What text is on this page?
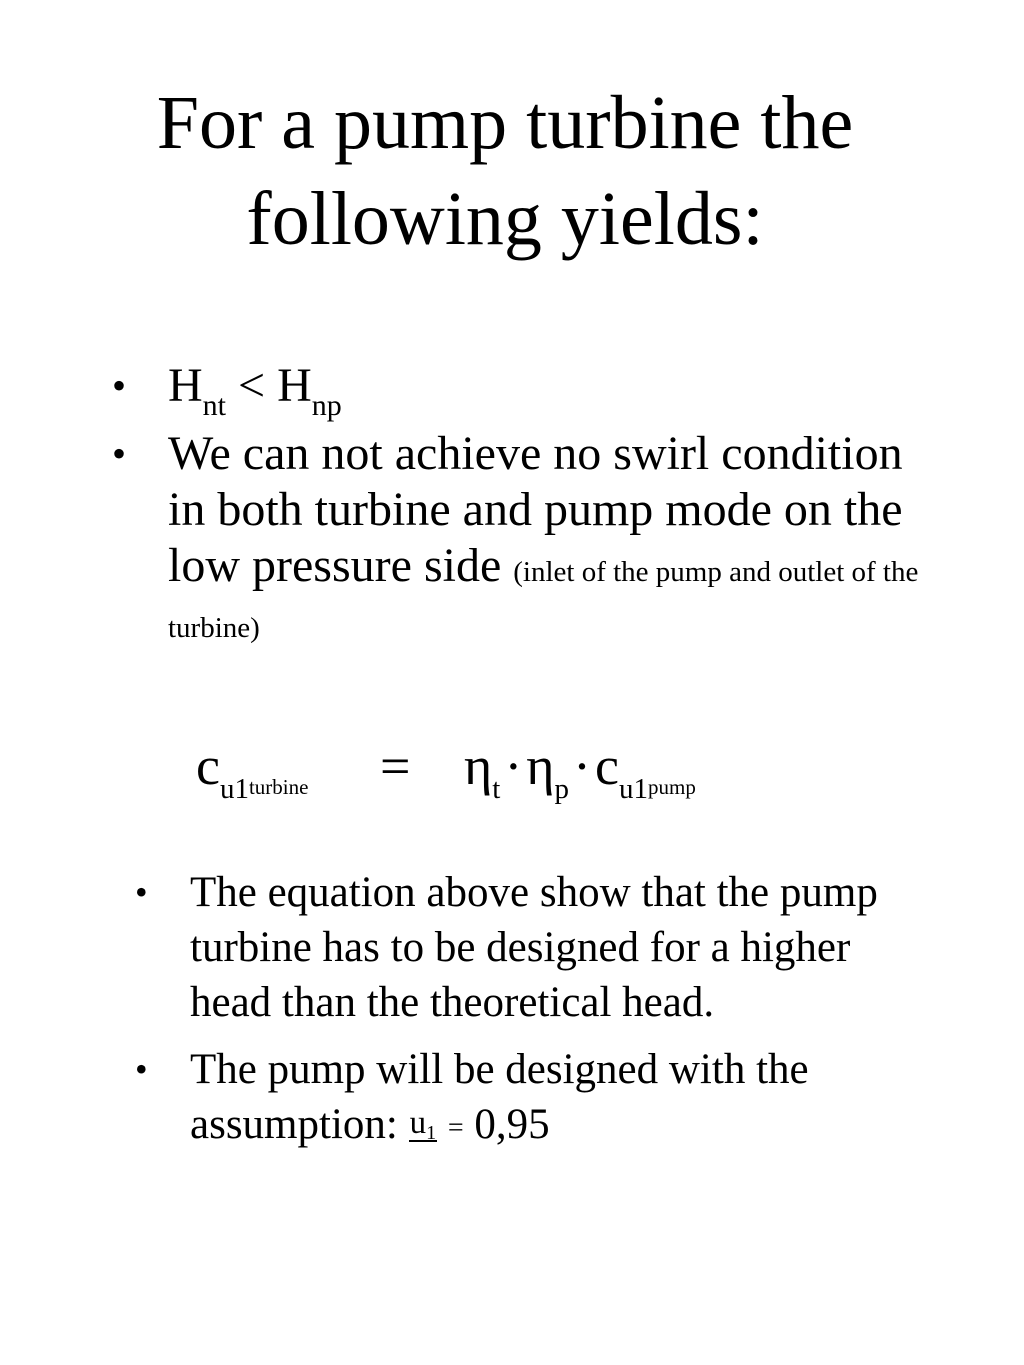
For a pump turbine the
following yields:
• $H_{nt} < H_{np}$
• We can not achieve no swirl condition in both turbine and pump mode on the low pressure side (inlet of the pump and outlet of the turbine)
$c_{u1}turbine$ = $\eta_t\cdot\eta_p\cdot c_{u1}pump$
• The equation above show that the pump turbine has to be designed for a higher head than the theoretical head.
• The pump will be designed with the assumption: u1 = 0,95
